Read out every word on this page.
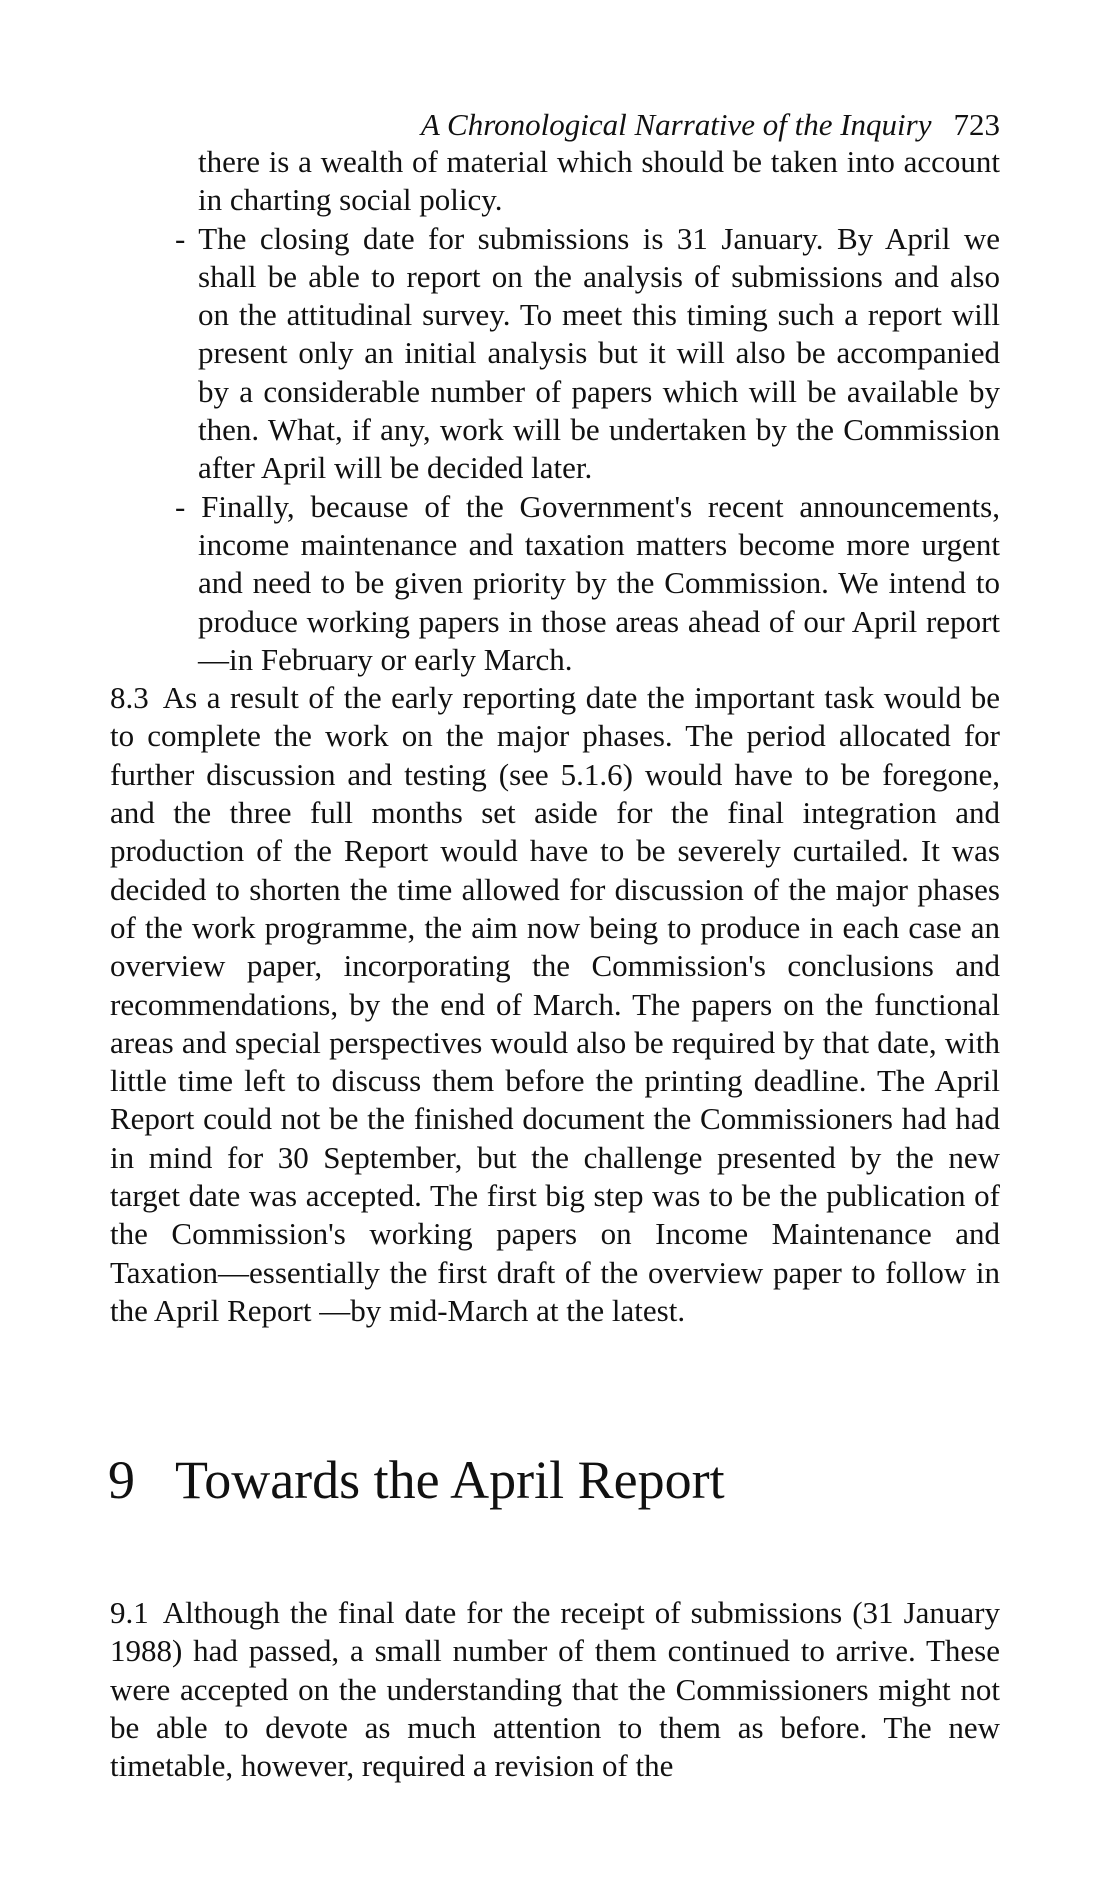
A Chronological Narrative of the Inquiry 723

there is a wealth of material which should be taken into account in charting social policy.

- The closing date for submissions is 31 January. By April we shall be able to report on the analysis of submissions and also on the attitudinal survey. To meet this timing such a report will present only an initial analysis but it will also be accompanied by a considerable number of papers which will be available by then. What, if any, work will be undertaken by the Commission after April will be decided later.

- Finally, because of the Government's recent announcements, income maintenance and taxation matters become more urgent and need to be given priority by the Commission. We intend to produce working papers in those areas ahead of our April report—in February or early March.

8.3 As a result of the early reporting date the important task would be to complete the work on the major phases. The period allocated for further discussion and testing (see 5.1.6) would have to be foregone, and the three full months set aside for the final integration and production of the Report would have to be severely curtailed. It was decided to shorten the time allowed for discussion of the major phases of the work programme, the aim now being to produce in each case an overview paper, incorporating the Commission's conclusions and recommendations, by the end of March. The papers on the functional areas and special perspectives would also be required by that date, with little time left to discuss them before the printing deadline. The April Report could not be the finished document the Commissioners had had in mind for 30 September, but the challenge presented by the new target date was accepted. The first big step was to be the publication of the Commission's working papers on Income Maintenance and Taxation—essentially the first draft of the overview paper to follow in the April Report —by mid-March at the latest.

9 Towards the April Report

9.1 Although the final date for the receipt of submissions (31 January 1988) had passed, a small number of them continued to arrive. These were accepted on the understanding that the Commissioners might not be able to devote as much attention to them as before. The new timetable, however, required a revision of the
